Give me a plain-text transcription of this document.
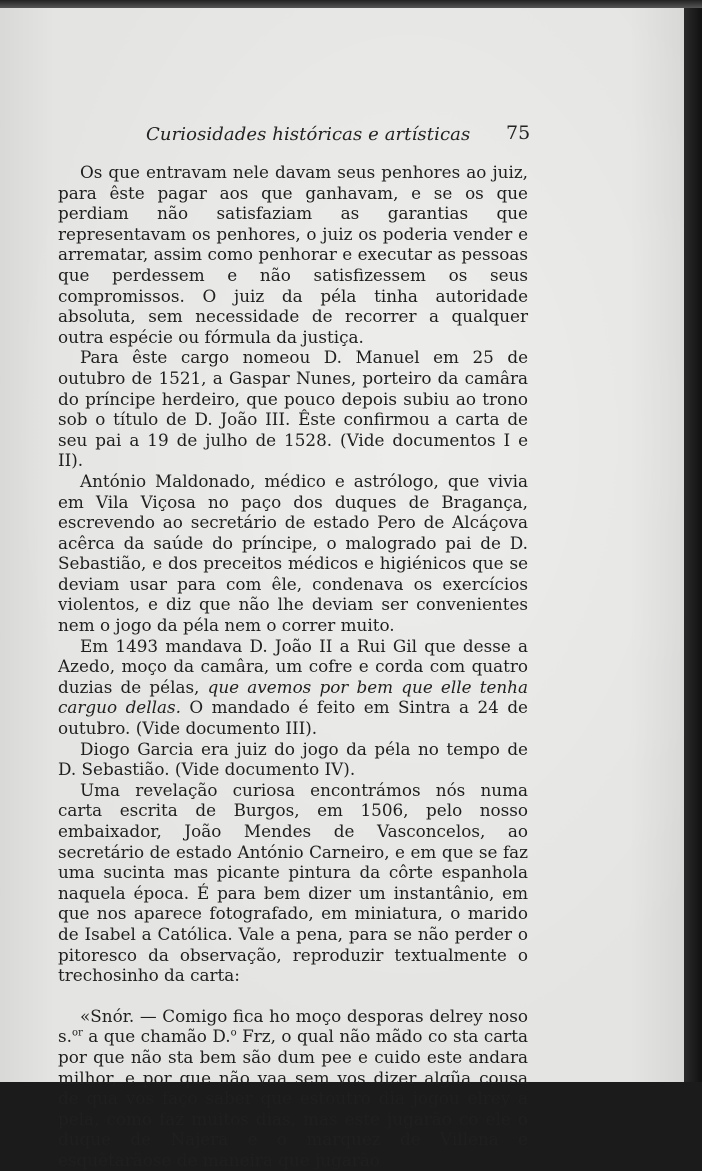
Curiosidades históricas e artísticas 75

Os que entravam nele davam seus penhores ao juiz, para êste pagar aos que ganhavam, e se os que perdiam não satisfaziam as garantias que representavam os penhores, o juiz os poderia vender e arrematar, assim como penhorar e executar as pessoas que perdessem e não satisfizessem os seus compromissos. O juiz da péla tinha autoridade absoluta, sem necessidade de recorrer a qualquer outra espécie ou fórmula da justiça.

Para êste cargo nomeou D. Manuel em 25 de outubro de 1521, a Gaspar Nunes, porteiro da camâra do príncipe herdeiro, que pouco depois subiu ao trono sob o título de D. João III. Êste confirmou a carta de seu pai a 19 de julho de 1528. (Vide documentos I e II).

António Maldonado, médico e astrólogo, que vivia em Vila Viçosa no paço dos duques de Bragança, escrevendo ao secretário de estado Pero de Alcáçova acêrca da saúde do príncipe, o malogrado pai de D. Sebastião, e dos preceitos médicos e higiénicos que se deviam usar para com êle, condenava os exercícios violentos, e diz que não lhe deviam ser convenientes nem o jogo da péla nem o correr muito.

Em 1493 mandava D. João II a Rui Gil que desse a Azedo, moço da camâra, um cofre e corda com quatro duzias de pélas, que avemos por bem que elle tenha carguo dellas. O mandado é feito em Sintra a 24 de outubro. (Vide documento III).

Diogo Garcia era juiz do jogo da péla no tempo de D. Sebastião. (Vide documento IV).

Uma revelação curiosa encontrámos nós numa carta escrita de Burgos, em 1506, pelo nosso embaixador, João Mendes de Vasconcelos, ao secretário de estado António Carneiro, e em que se faz uma sucinta mas picante pintura da côrte espanhola naquela época. É para bem dizer um instantânio, em que nos aparece fotografado, em miniatura, o marido de Isabel a Católica. Vale a pena, para se não perder o pitoresco da observação, reproduzir textualmente o trechosinho da carta:

«Snór. — Comigo fica ho moço desporas delrey noso s.$^{or}$ a que chamão D.$^o$ Frz, o qual não mãdo co sta carta por que não sta bem são dum pee e cuido este andara milhor, e por que não vaa sem vos dizer algũa cousa de qua vos faço saber que estoutro dia jogou elrey a pela, como faz muitos dias, mas este jugarão co ele o duque de Najera e o marquez de Villena e esquẽtarãose de maneira que jugarão
